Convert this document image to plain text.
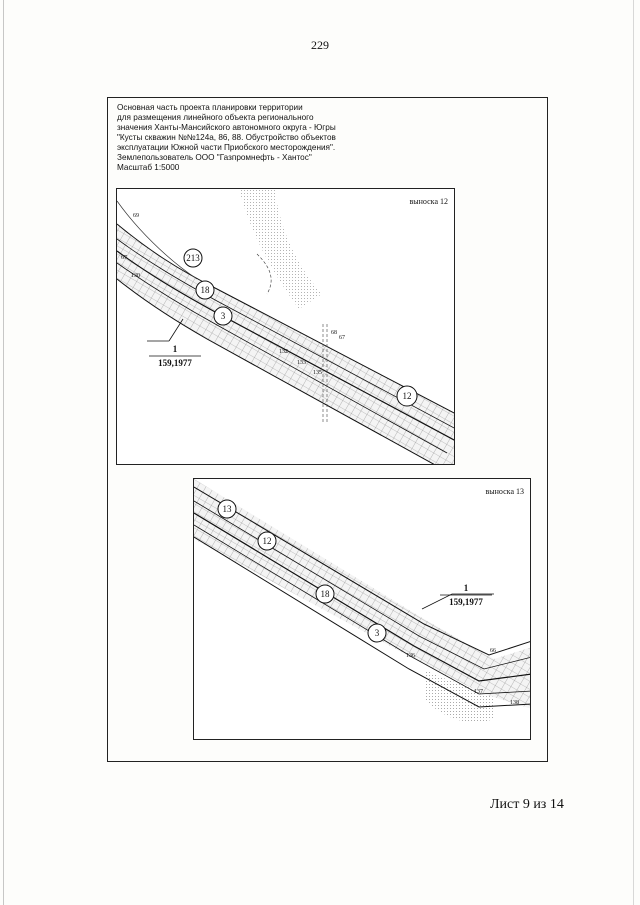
229
Основная часть проекта планировки территории
для размещения линейного объекта регионального
значения Ханты-Мансийского автономного округа - Югры
"Кусты скважин №№124а, 86, 88. Обустройство объектов
эксплуатации Южной части Приобского месторождения".
Землепользователь ООО "Газпромнефть - Хантос"
Масштаб 1:5000
213
18
3
12
1
159,1977
69
67
130
68
67
132
133
135
выноска 12
13
12
18
3
1
159,1977
66
136
137
138
выноска 13
Лист 9 из 14
